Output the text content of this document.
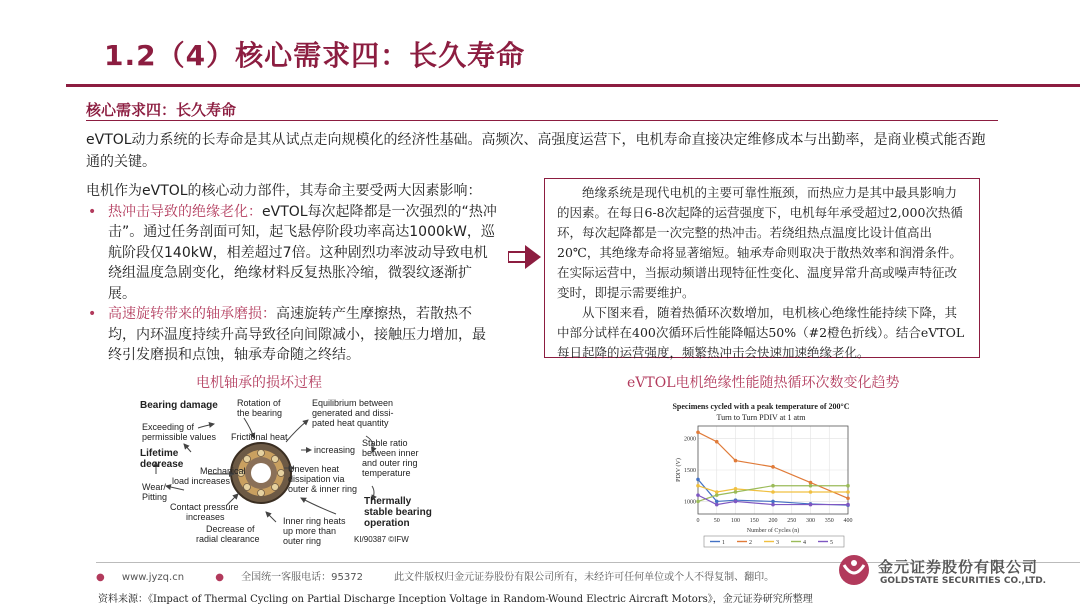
1.2（4）核心需求四：长久寿命
核心需求四：长久寿命
eVTOL动力系统的长寿命是其从试点走向规模化的经济性基础。高频次、高强度运营下，电机寿命直接决定维修成本与出勤率，是商业模式能否跑通的关键。

电机作为eVTOL的核心动力部件，其寿命主要受两大因素影响：

• 热冲击导致的绝缘老化：eVTOL每次起降都是一次强烈的“热冲击”。通过任务剖面可知，起飞悬停阶段功率高达1000kW，巡航阶段仅140kW，相差超过7倍。这种剧烈功率波动导致电机绕组温度急剧变化，绝缘材料反复热胀冷缩，微裂纹逐渐扩展。

• 高速旋转带来的轴承磨损：高速旋转产生摩擦热，若散热不均，内环温度持续升高导致径向间隙减小，接触压力增加，最终引发磨损和点蚀，轴承寿命随之终结。

绝缘系统是现代电机的主要可靠性瓶颈，而热应力是其中最具影响力的因素。在每日6-8次起降的运营强度下，电机每年承受超过2,000次热循环，每次起降都是一次完整的热冲击。若绕组热点温度比设计值高出20℃，其绝缘寿命将显著缩短。轴承寿命则取决于散热效率和润滑条件。在实际运营中，当振动频谱出现特征性变化、温度异常升高或噪声特征改变时，即提示需要维护。

从下图来看，随着热循环次数增加，电机核心绝缘性能持续下降，其中部分试样在400次循环后性能降幅达50%（#2橙色折线）。结合eVTOL每日起降的运营强度，频繁热冲击会快速加速绝缘老化。

电机轴承的损坏过程	eVTOL电机绝缘性能随热循环次数变化趋势
Bearing damage Rotation of
the bearing
Equilibrium between
generated and dissi-
pated heat quantity
Exceeding of
permissible values Frictional heat
increasing
Stable ratio
between inner
and outer ring
temperature
Lifetime
decrease
Mechanical
load increases
Uneven heat
dissipation via
outer & inner ring
Wear/
Pitting	Thermally
stable bearing
operation
Contact pressure
increases	Inner ring heats
up more than
outer ring
Decrease of
radial clearance	KI/90387 ©IFW
Specimens cycled with a peak temperature of 200°C
Turn to Turn PDIV at 1 atm
0 50 100 150 200 250 300 350 400
1000
1500
2000
Number of Cycles (n)
PDIV (V)
1	2	3	4	5
● www.jyzq.cn	● 全国统一客服电话：95372	此文件版权归金元证券股份有限公司所有，未经许可任何单位或个人不得复制、翻印。
金元证券股份有限公司
GOLDSTATE SECURITIES CO.,LTD.
资料来源：《Impact of Thermal Cycling on Partial Discharge Inception Voltage in Random-Wound Electric Aircraft Motors》，金元证券研究所整理
